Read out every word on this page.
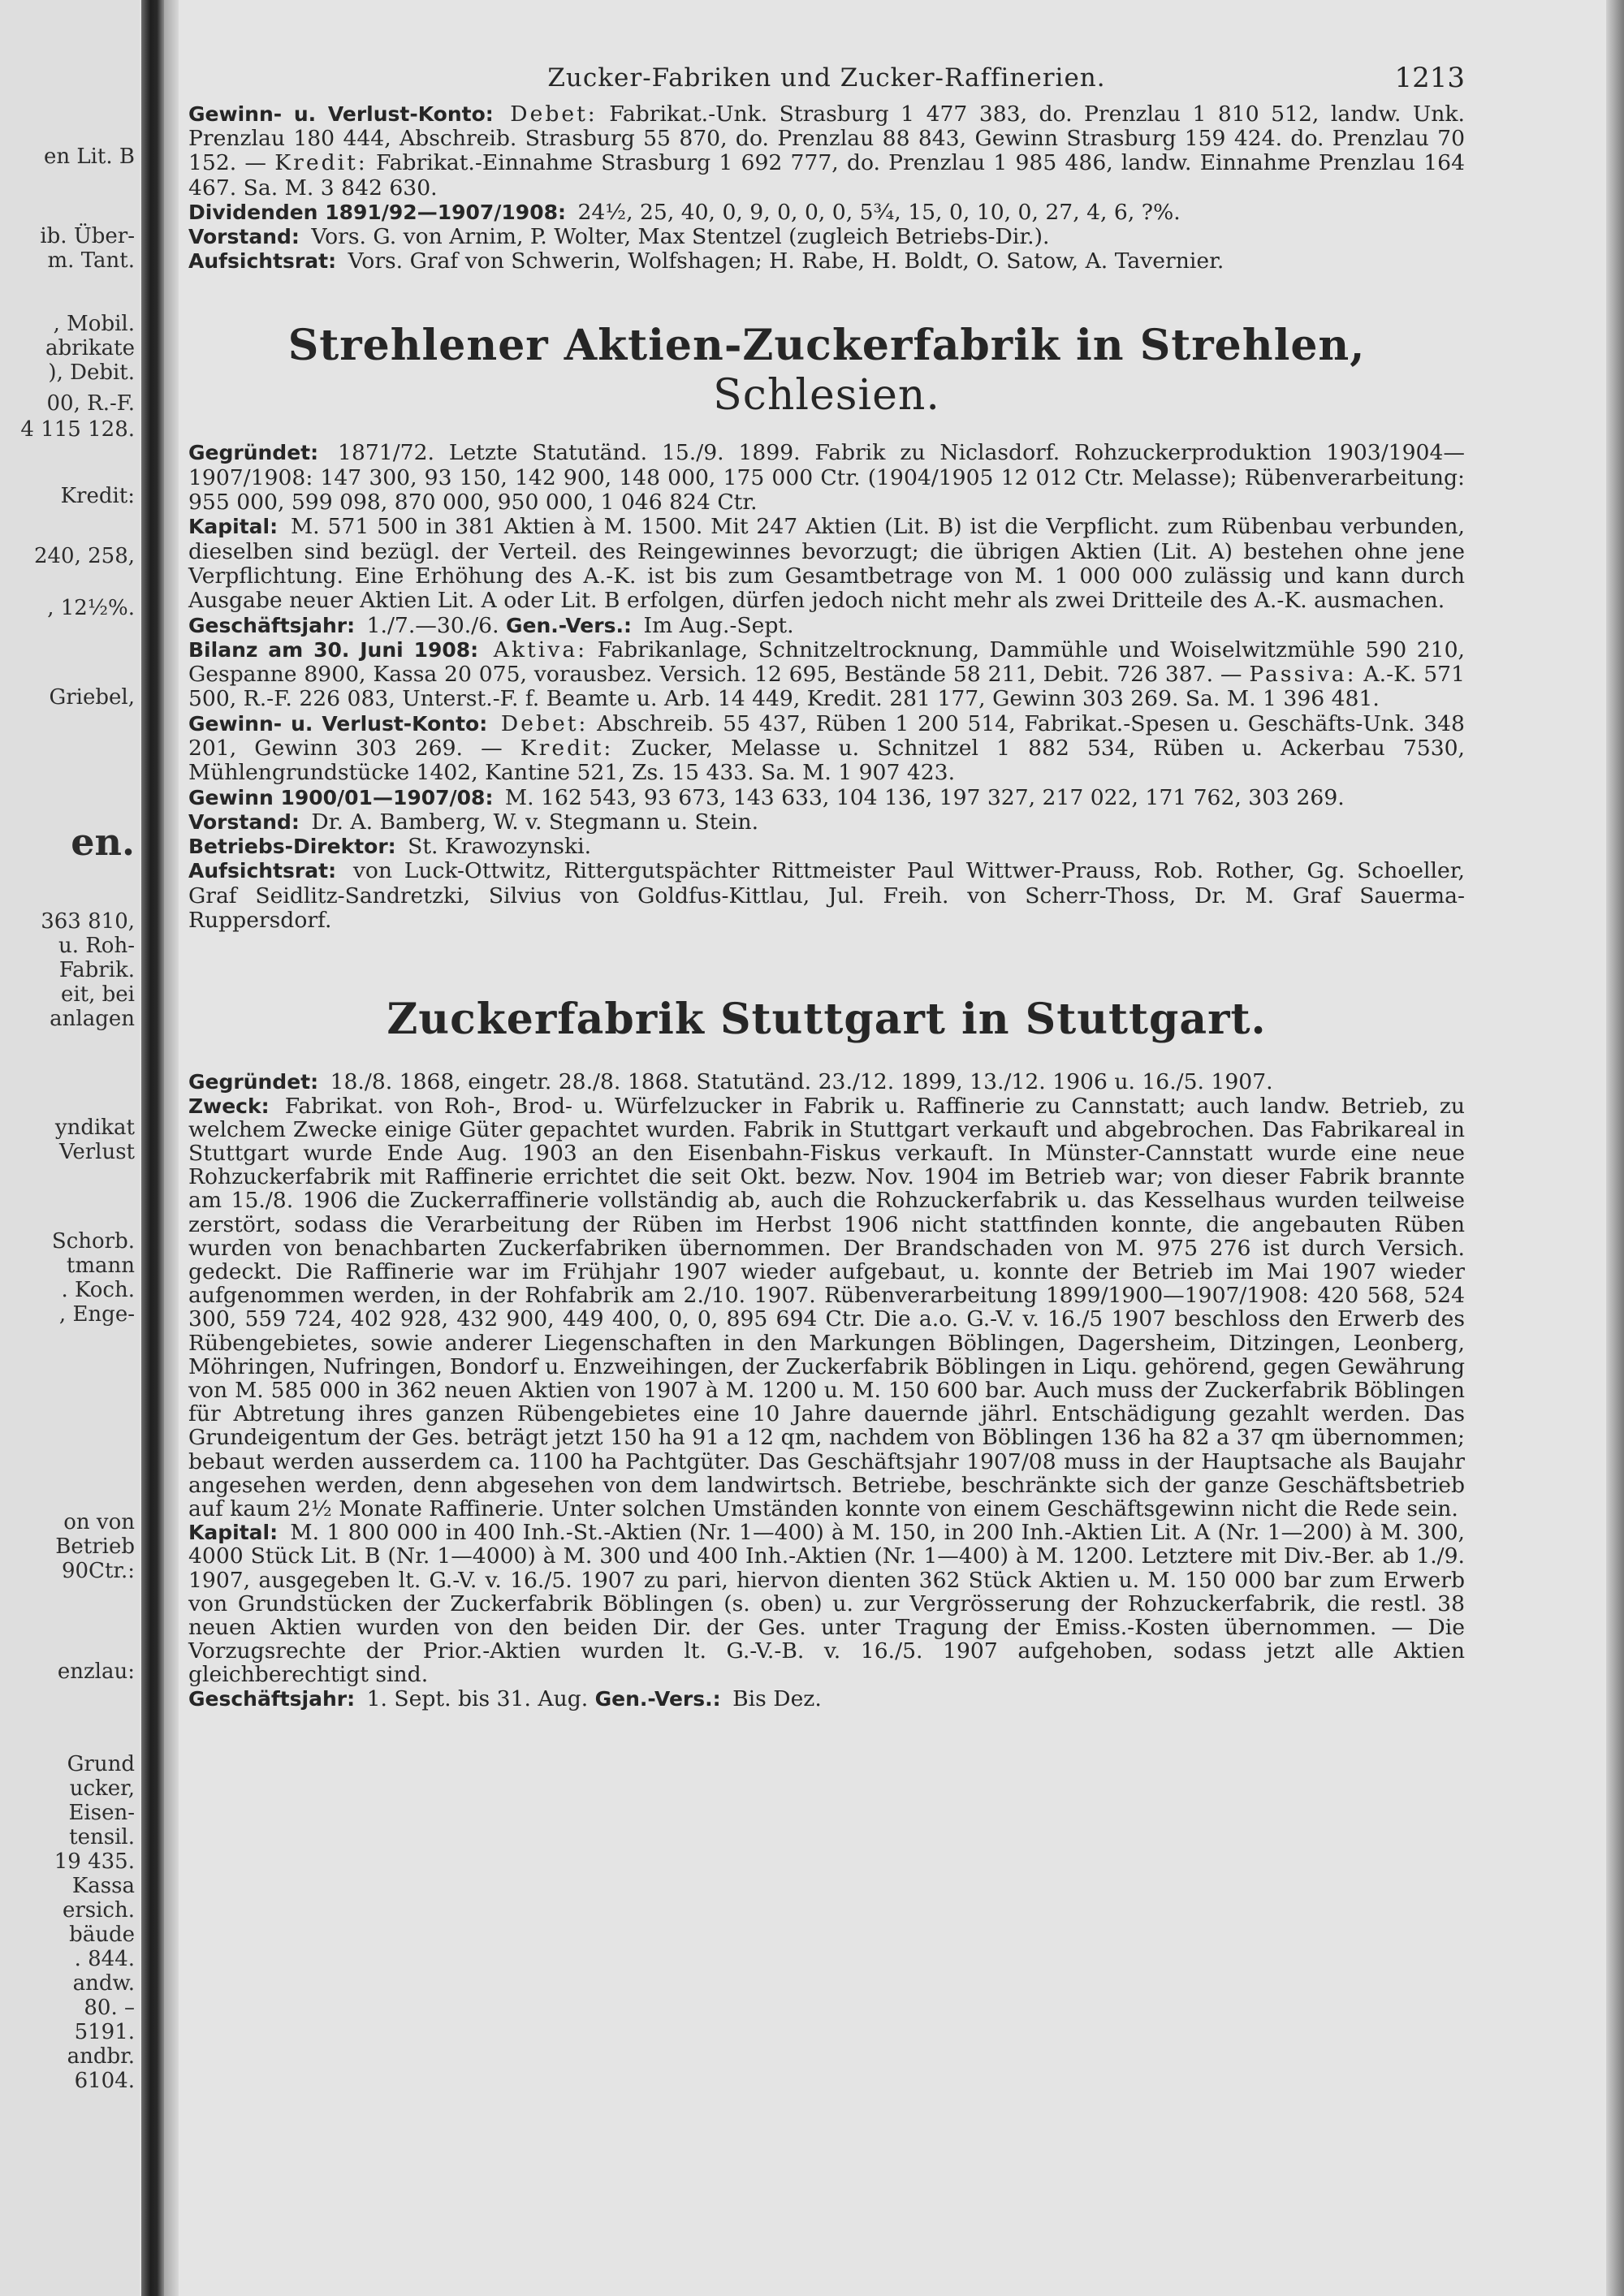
en Lit. B
ib. Über-
m. Tant.
, Mobil.
abrikate
), Debit.
00, R.-F.
4 115 128.
Kredit:
240, 258,
, 12½%.
Griebel,
en.
363 810,
u. Roh-
Fabrik.
eit, bei
anlagen
yndikat
Verlust
Schorb.
tmann
. Koch.
, Enge-
on von
Betrieb
90Ctr.:
enzlau:
Grund
ucker,
Eisen-
tensil.
19 435.
Kassa
ersich.
bäude
. 844.
andw.
80. –
5191.
andbr.
6104.
Zucker-Fabriken und Zucker-Raffinerien.	1213

Gewinn- u. Verlust-Konto: Debet: Fabrikat.-Unk. Strasburg 1 477 383, do. Prenzlau 1 810 512, landw. Unk. Prenzlau 180 444, Abschreib. Strasburg 55 870, do. Prenzlau 88 843, Gewinn Strasburg 159 424. do. Prenzlau 70 152. — Kredit: Fabrikat.-Einnahme Strasburg 1 692 777, do. Prenzlau 1 985 486, landw. Einnahme Prenzlau 164 467. Sa. M. 3 842 630.

Dividenden 1891/92—1907/1908: 24½, 25, 40, 0, 9, 0, 0, 0, 5¾, 15, 0, 10, 0, 27, 4, 6, ?%.

Vorstand: Vors. G. von Arnim, P. Wolter, Max Stentzel (zugleich Betriebs-Dir.).

Aufsichtsrat: Vors. Graf von Schwerin, Wolfshagen; H. Rabe, H. Boldt, O. Satow, A. Tavernier.

Strehlener Aktien-Zuckerfabrik in Strehlen, Schlesien.

Gegründet: 1871/72. Letzte Statutänd. 15./9. 1899. Fabrik zu Niclasdorf. Rohzuckerproduktion 1903/1904—1907/1908: 147 300, 93 150, 142 900, 148 000, 175 000 Ctr. (1904/1905 12 012 Ctr. Melasse); Rübenverarbeitung: 955 000, 599 098, 870 000, 950 000, 1 046 824 Ctr.

Kapital: M. 571 500 in 381 Aktien à M. 1500. Mit 247 Aktien (Lit. B) ist die Verpflicht. zum Rübenbau verbunden, dieselben sind bezügl. der Verteil. des Reingewinnes bevorzugt; die übrigen Aktien (Lit. A) bestehen ohne jene Verpflichtung. Eine Erhöhung des A.-K. ist bis zum Gesamtbetrage von M. 1 000 000 zulässig und kann durch Ausgabe neuer Aktien Lit. A oder Lit. B erfolgen, dürfen jedoch nicht mehr als zwei Dritteile des A.-K. ausmachen.

Geschäftsjahr: 1./7.—30./6. Gen.-Vers.: Im Aug.-Sept.

Bilanz am 30. Juni 1908: Aktiva: Fabrikanlage, Schnitzeltrocknung, Dammühle und Woiselwitzmühle 590 210, Gespanne 8900, Kassa 20 075, vorausbez. Versich. 12 695, Bestände 58 211, Debit. 726 387. — Passiva: A.-K. 571 500, R.-F. 226 083, Unterst.-F. f. Beamte u. Arb. 14 449, Kredit. 281 177, Gewinn 303 269. Sa. M. 1 396 481.

Gewinn- u. Verlust-Konto: Debet: Abschreib. 55 437, Rüben 1 200 514, Fabrikat.-Spesen u. Geschäfts-Unk. 348 201, Gewinn 303 269. — Kredit: Zucker, Melasse u. Schnitzel 1 882 534, Rüben u. Ackerbau 7530, Mühlengrundstücke 1402, Kantine 521, Zs. 15 433. Sa. M. 1 907 423.

Gewinn 1900/01—1907/08: M. 162 543, 93 673, 143 633, 104 136, 197 327, 217 022, 171 762, 303 269.

Vorstand: Dr. A. Bamberg, W. v. Stegmann u. Stein.

Betriebs-Direktor: St. Krawozynski.

Aufsichtsrat: von Luck-Ottwitz, Rittergutspächter Rittmeister Paul Wittwer-Prauss, Rob. Rother, Gg. Schoeller, Graf Seidlitz-Sandretzki, Silvius von Goldfus-Kittlau, Jul. Freih. von Scherr-Thoss, Dr. M. Graf Sauerma-Ruppersdorf.

Zuckerfabrik Stuttgart in Stuttgart.

Gegründet: 18./8. 1868, eingetr. 28./8. 1868. Statutänd. 23./12. 1899, 13./12. 1906 u. 16./5. 1907.

Zweck: Fabrikat. von Roh-, Brod- u. Würfelzucker in Fabrik u. Raffinerie zu Cannstatt; auch landw. Betrieb, zu welchem Zwecke einige Güter gepachtet wurden. Fabrik in Stuttgart verkauft und abgebrochen. Das Fabrikareal in Stuttgart wurde Ende Aug. 1903 an den Eisenbahn-Fiskus verkauft. In Münster-Cannstatt wurde eine neue Rohzuckerfabrik mit Raffinerie errichtet die seit Okt. bezw. Nov. 1904 im Betrieb war; von dieser Fabrik brannte am 15./8. 1906 die Zuckerraffinerie vollständig ab, auch die Rohzuckerfabrik u. das Kesselhaus wurden teilweise zerstört, sodass die Verarbeitung der Rüben im Herbst 1906 nicht stattfinden konnte, die angebauten Rüben wurden von benachbarten Zuckerfabriken übernommen. Der Brandschaden von M. 975 276 ist durch Versich. gedeckt. Die Raffinerie war im Frühjahr 1907 wieder aufgebaut, u. konnte der Betrieb im Mai 1907 wieder aufgenommen werden, in der Rohfabrik am 2./10. 1907. Rübenverarbeitung 1899/1900—1907/1908: 420 568, 524 300, 559 724, 402 928, 432 900, 449 400, 0, 0, 895 694 Ctr. Die a.o. G.-V. v. 16./5 1907 beschloss den Erwerb des Rübengebietes, sowie anderer Liegenschaften in den Markungen Böblingen, Dagersheim, Ditzingen, Leonberg, Möhringen, Nufringen, Bondorf u. Enzweihingen, der Zuckerfabrik Böblingen in Liqu. gehörend, gegen Gewährung von M. 585 000 in 362 neuen Aktien von 1907 à M. 1200 u. M. 150 600 bar. Auch muss der Zuckerfabrik Böblingen für Abtretung ihres ganzen Rübengebietes eine 10 Jahre dauernde jährl. Entschädigung gezahlt werden. Das Grundeigentum der Ges. beträgt jetzt 150 ha 91 a 12 qm, nachdem von Böblingen 136 ha 82 a 37 qm übernommen; bebaut werden ausserdem ca. 1100 ha Pachtgüter. Das Geschäftsjahr 1907/08 muss in der Hauptsache als Baujahr angesehen werden, denn abgesehen von dem landwirtsch. Betriebe, beschränkte sich der ganze Geschäftsbetrieb auf kaum 2½ Monate Raffinerie. Unter solchen Umständen konnte von einem Geschäftsgewinn nicht die Rede sein.

Kapital: M. 1 800 000 in 400 Inh.-St.-Aktien (Nr. 1—400) à M. 150, in 200 Inh.-Aktien Lit. A (Nr. 1—200) à M. 300, 4000 Stück Lit. B (Nr. 1—4000) à M. 300 und 400 Inh.-Aktien (Nr. 1—400) à M. 1200. Letztere mit Div.-Ber. ab 1./9. 1907, ausgegeben lt. G.-V. v. 16./5. 1907 zu pari, hiervon dienten 362 Stück Aktien u. M. 150 000 bar zum Erwerb von Grundstücken der Zuckerfabrik Böblingen (s. oben) u. zur Vergrösserung der Rohzuckerfabrik, die restl. 38 neuen Aktien wurden von den beiden Dir. der Ges. unter Tragung der Emiss.-Kosten übernommen. — Die Vorzugsrechte der Prior.-Aktien wurden lt. G.-V.-B. v. 16./5. 1907 aufgehoben, sodass jetzt alle Aktien gleichberechtigt sind.

Geschäftsjahr: 1. Sept. bis 31. Aug. Gen.-Vers.: Bis Dez.
